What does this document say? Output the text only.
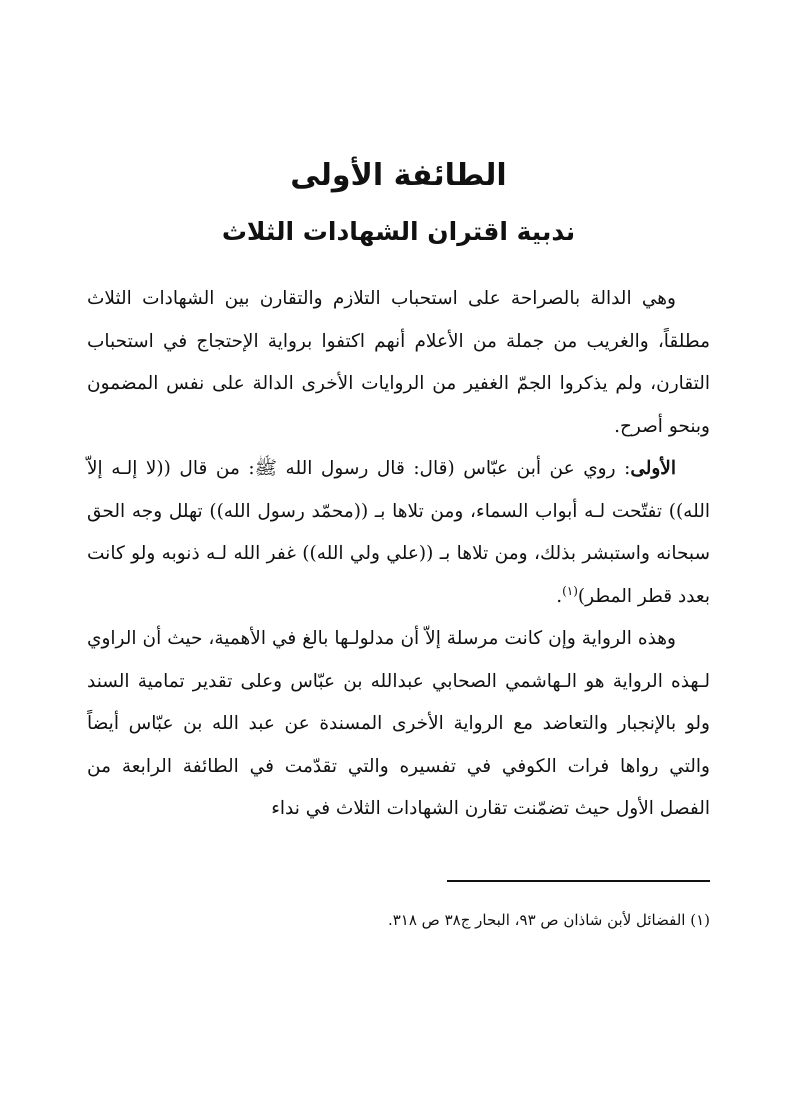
الطائفة الأولى
ندبية اقتران الشهادات الثلاث

وهي الدالة بالصراحة على استحباب التلازم والتقارن بين الشهادات الثلاث مطلقاً، والغريب من جملة من الأعلام أنهم اكتفوا برواية الإحتجاج في استحباب التقارن، ولم يذكروا الجمّ الغفير من الروايات الأخرى الدالة على نفس المضمون وبنحو أصرح.

الأولى: روي عن أبن عبّاس (قال: قال رسول الله ﷺ: من قال ((لا إلـه إلاّ الله)) تفتّحت لـه أبواب السماء، ومن تلاها بـ ((محمّد رسول الله)) تهلل وجه الحق سبحانه واستبشر بذلك، ومن تلاها بـ ((علي ولي الله)) غفر الله لـه ذنوبه ولو كانت بعدد قطر المطر)$^{(١)}$.

وهذه الرواية وإن كانت مرسلة إلاّ أن مدلولـها بالغ في الأهمية، حيث أن الراوي لـهذه الرواية هو الـهاشمي الصحابي عبدالله بن عبّاس وعلى تقدير تمامية السند ولو بالإنجبار والتعاضد مع الرواية الأخرى المسندة عن عبد الله بن عبّاس أيضاً والتي رواها فرات الكوفي في تفسيره والتي تقدّمت في الطائفة الرابعة من الفصل الأول حيث تضمّنت تقارن الشهادات الثلاث في نداء

(١) الفضائل لأبن شاذان ص ٩٣، البحار ج٣٨ ص ٣١٨.
